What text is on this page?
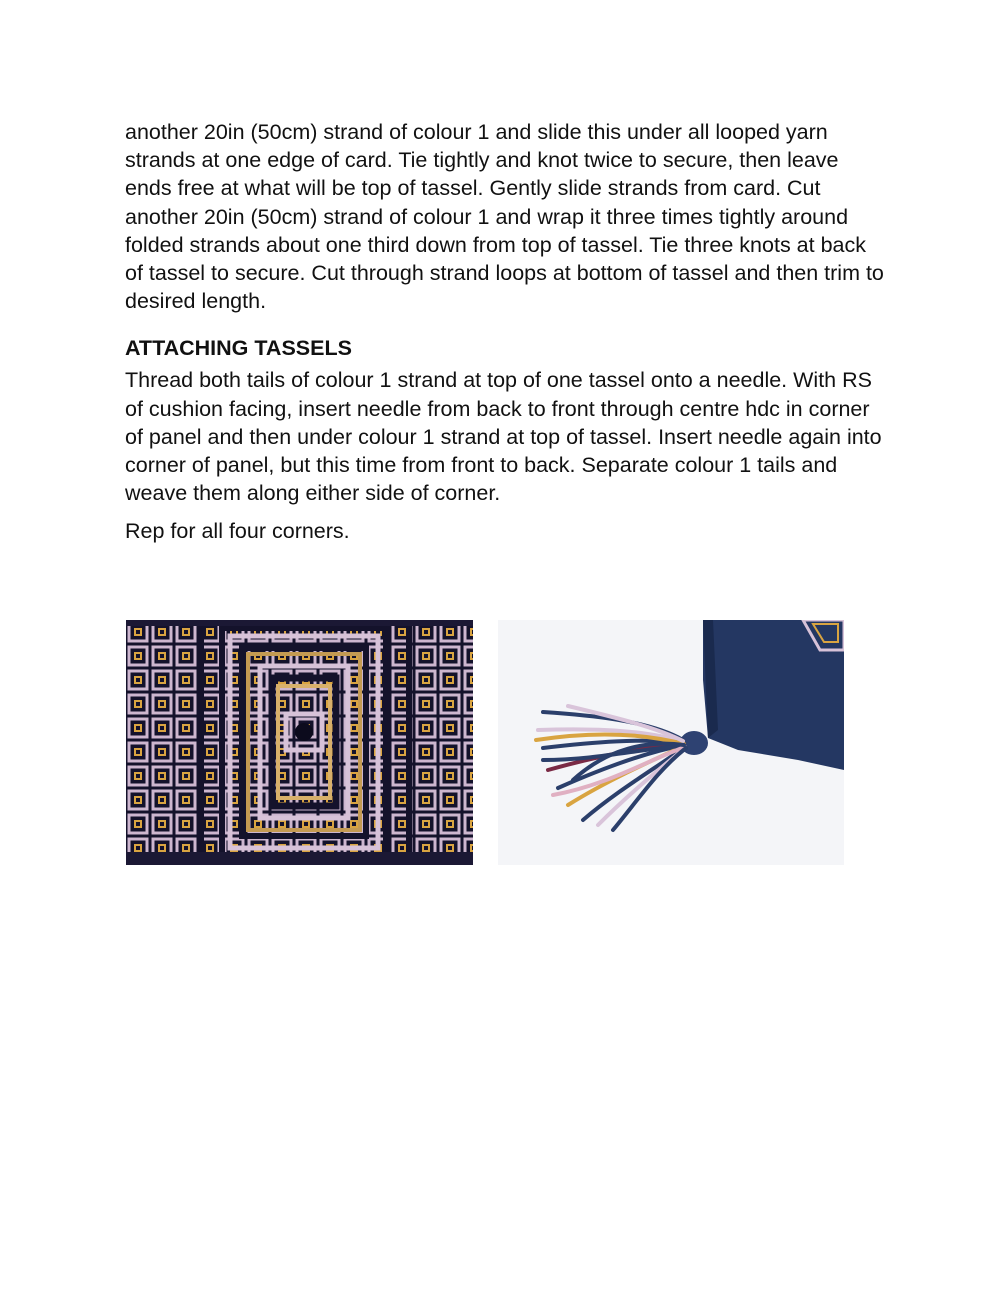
another 20in (50cm) strand of colour 1 and slide this under all looped yarn strands at one edge of card. Tie tightly and knot twice to secure, then leave ends free at what will be top of tassel. Gently slide strands from card. Cut another 20in (50cm) strand of colour 1 and wrap it three times tightly around folded strands about one third down from top of tassel. Tie three knots at back of tassel to secure. Cut through strand loops at bottom of tassel and then trim to desired length.

ATTACHING TASSELS

Thread both tails of colour 1 strand at top of one tassel onto a needle. With RS of cushion facing, insert needle from back to front through centre hdc in corner of panel and then under colour 1 strand at top of tassel. Insert needle again into corner of panel, but this time from front to back. Separate colour 1 tails and weave them along either side of corner.

Rep for all four corners.
